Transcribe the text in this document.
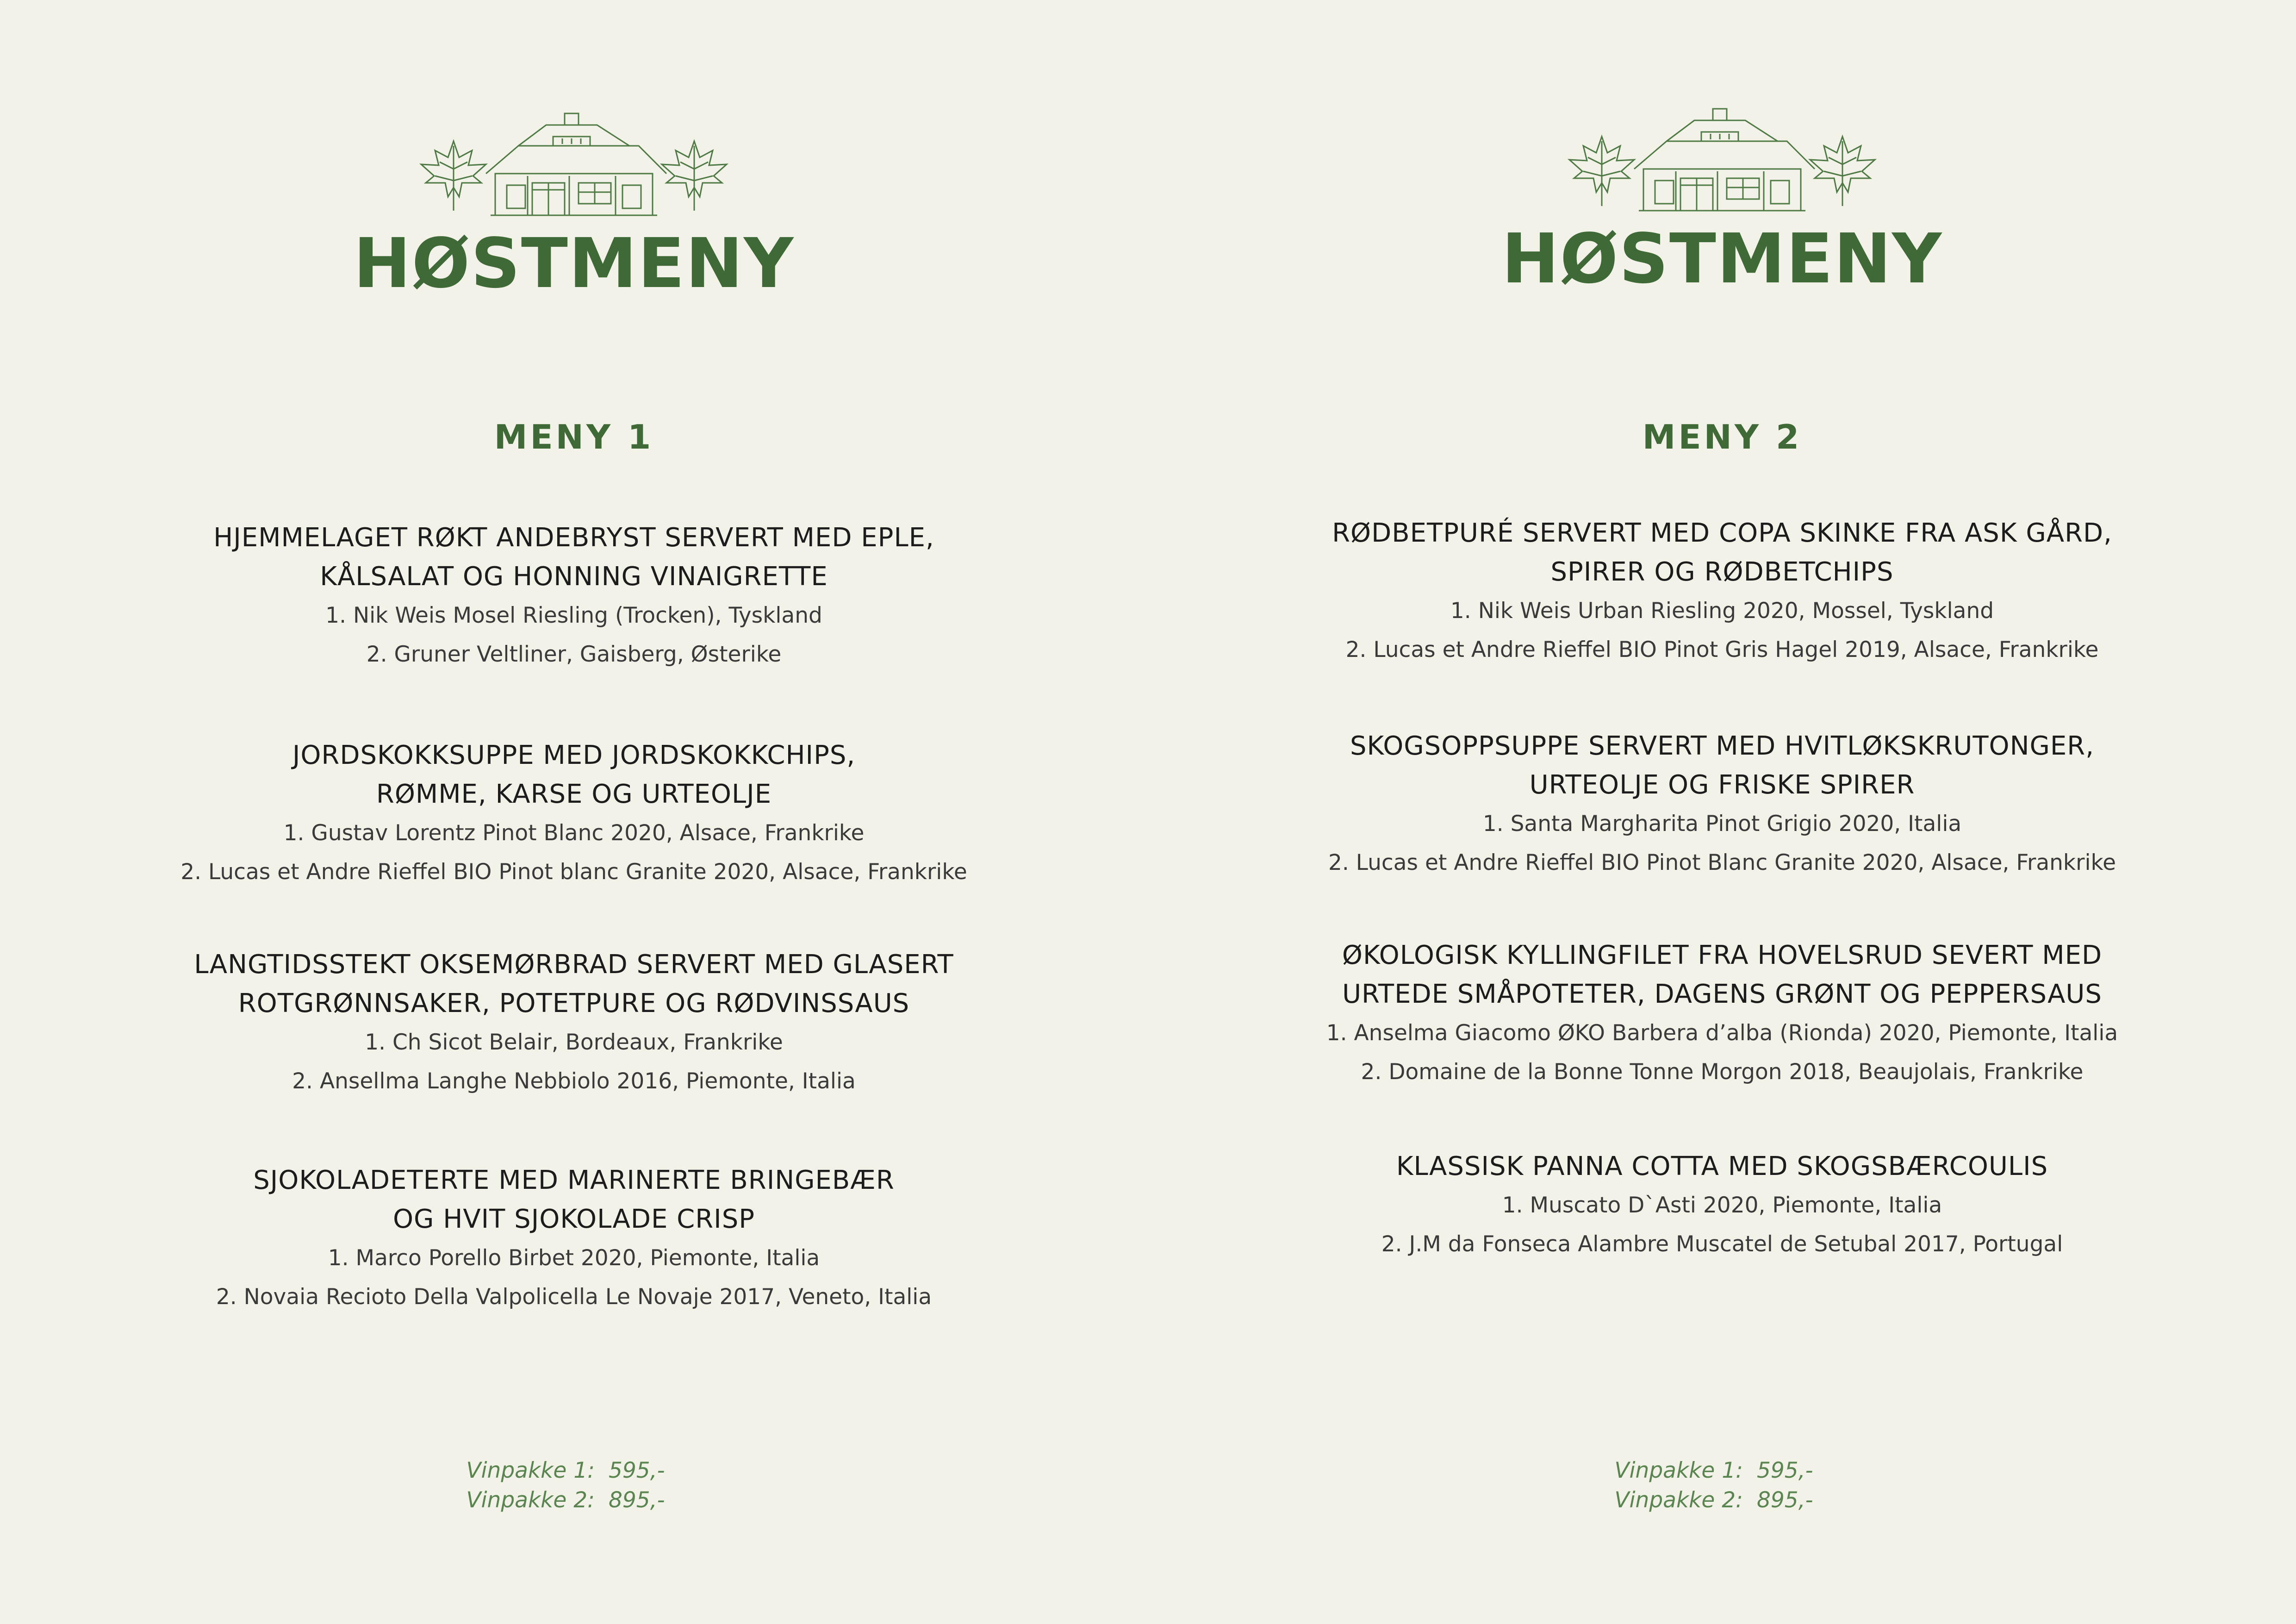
HØSTMENY
MENY 1

HJEMMELAGET RØKT ANDEBRYST SERVERT MED EPLE,

KÅLSALAT OG HONNING VINAIGRETTE

1. Nik Weis Mosel Riesling (Trocken), Tyskland

2. Gruner Veltliner, Gaisberg, Østerike

JORDSKOKKSUPPE MED JORDSKOKKCHIPS,

RØMME, KARSE OG URTEOLJE

1. Gustav Lorentz Pinot Blanc 2020, Alsace, Frankrike

2. Lucas et Andre Rieffel BIO Pinot blanc Granite 2020, Alsace, Frankrike

LANGTIDSSTEKT OKSEMØRBRAD SERVERT MED GLASERT

ROTGRØNNSAKER, POTETPURE OG RØDVINSSAUS

1. Ch Sicot Belair, Bordeaux, Frankrike

2. Ansellma Langhe Nebbiolo 2016, Piemonte, Italia

SJOKOLADETERTE MED MARINERTE BRINGEBÆR

OG HVIT SJOKOLADE CRISP

1. Marco Porello Birbet 2020, Piemonte, Italia

2. Novaia Recioto Della Valpolicella Le Novaje 2017, Veneto, Italia

Vinpakke 1: 595,-
Vinpakke 2: 895,-
HØSTMENY
MENY 2

RØDBETPURÉ SERVERT MED COPA SKINKE FRA ASK GÅRD,

SPIRER OG RØDBETCHIPS

1. Nik Weis Urban Riesling 2020, Mossel, Tyskland

2. Lucas et Andre Rieffel BIO Pinot Gris Hagel 2019, Alsace, Frankrike

SKOGSOPPSUPPE SERVERT MED HVITLØKSKRUTONGER,

URTEOLJE OG FRISKE SPIRER

1. Santa Margharita Pinot Grigio 2020, Italia

2. Lucas et Andre Rieffel BIO Pinot Blanc Granite 2020, Alsace, Frankrike

ØKOLOGISK KYLLINGFILET FRA HOVELSRUD SEVERT MED

URTEDE SMÅPOTETER, DAGENS GRØNT OG PEPPERSAUS

1. Anselma Giacomo ØKO Barbera d’alba (Rionda) 2020, Piemonte, Italia

2. Domaine de la Bonne Tonne Morgon 2018, Beaujolais, Frankrike

KLASSISK PANNA COTTA MED SKOGSBÆRCOULIS

1. Muscato D`Asti 2020, Piemonte, Italia

2. J.M da Fonseca Alambre Muscatel de Setubal 2017, Portugal

Vinpakke 1: 595,-
Vinpakke 2: 895,-
